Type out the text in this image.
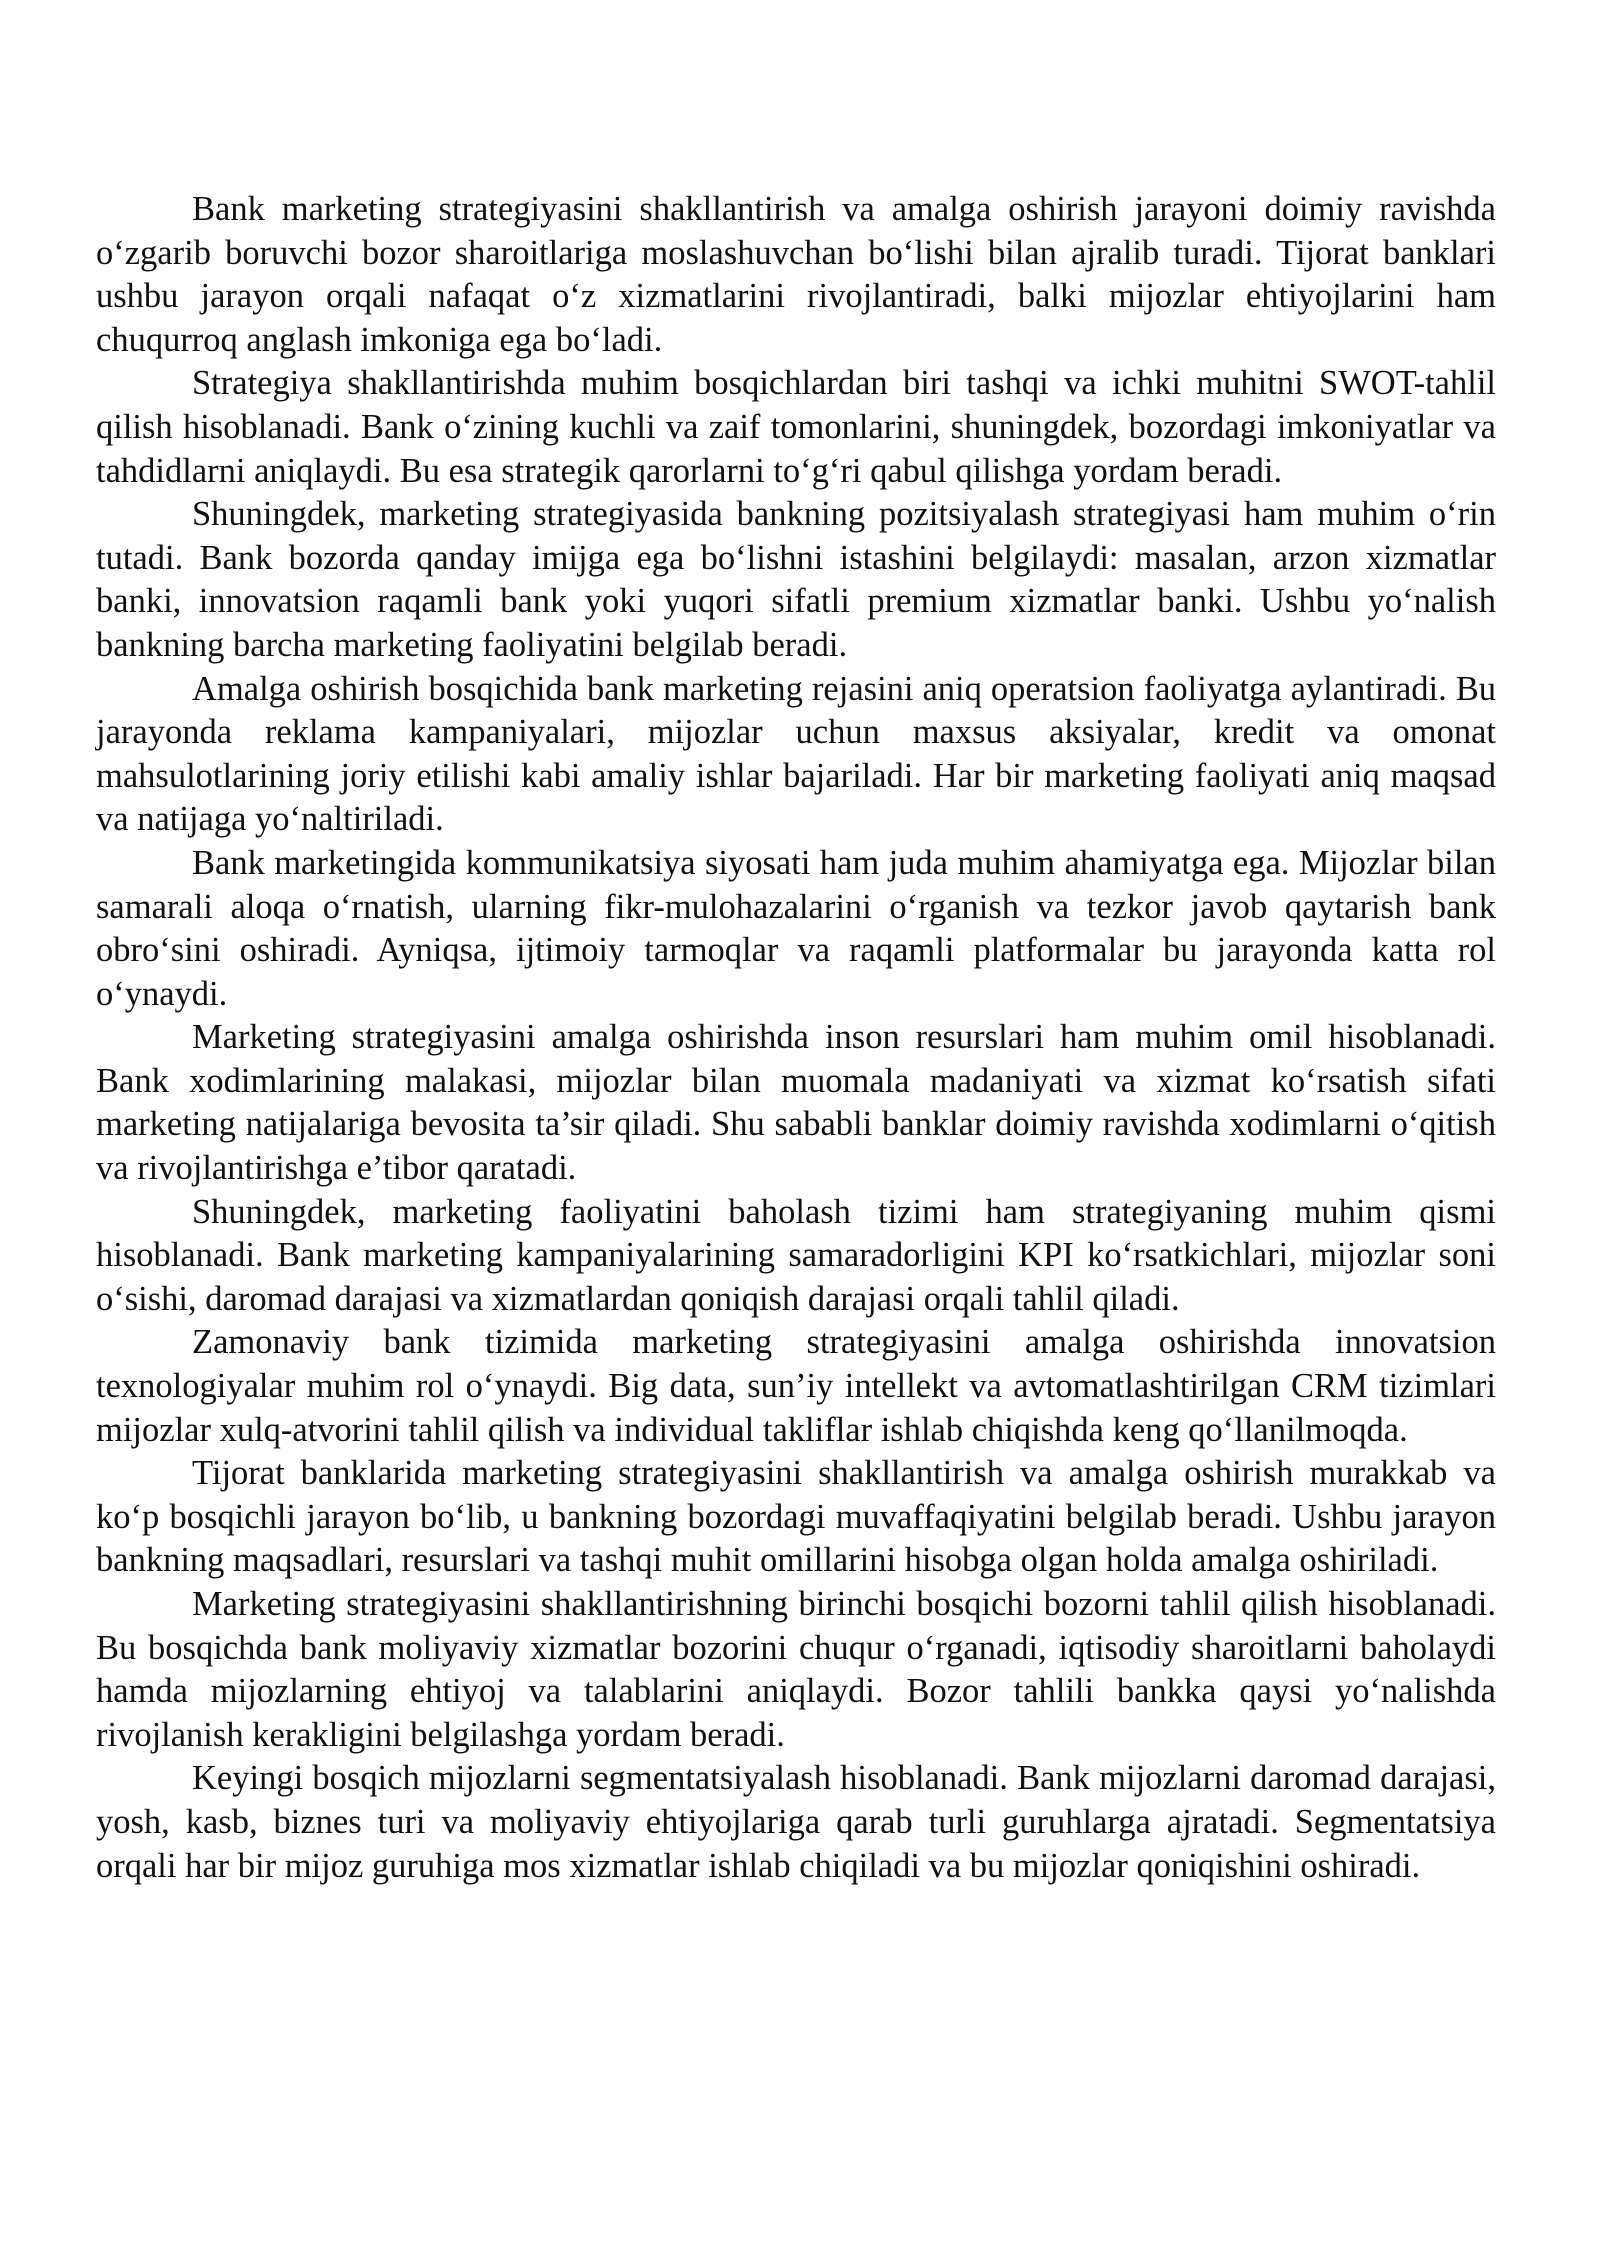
Bank marketing strategiyasini shakllantirish va amalga oshirish jarayoni doimiy ravishda o‘zgarib boruvchi bozor sharoitlariga moslashuvchan bo‘lishi bilan ajralib turadi. Tijorat banklari ushbu jarayon orqali nafaqat o‘z xizmatlarini rivojlantiradi, balki mijozlar ehtiyojlarini ham chuqurroq anglash imkoniga ega bo‘ladi.

Strategiya shakllantirishda muhim bosqichlardan biri tashqi va ichki muhitni SWOT-tahlil qilish hisoblanadi. Bank o‘zining kuchli va zaif tomonlarini, shuningdek, bozordagi imkoniyatlar va tahdidlarni aniqlaydi. Bu esa strategik qarorlarni to‘g‘ri qabul qilishga yordam beradi.

Shuningdek, marketing strategiyasida bankning pozitsiyalash strategiyasi ham muhim o‘rin tutadi. Bank bozorda qanday imijga ega bo‘lishni istashini belgilaydi: masalan, arzon xizmatlar banki, innovatsion raqamli bank yoki yuqori sifatli premium xizmatlar banki. Ushbu yo‘nalish bankning barcha marketing faoliyatini belgilab beradi.

Amalga oshirish bosqichida bank marketing rejasini aniq operatsion faoliyatga aylantiradi. Bu jarayonda reklama kampaniyalari, mijozlar uchun maxsus aksiyalar, kredit va omonat mahsulotlarining joriy etilishi kabi amaliy ishlar bajariladi. Har bir marketing faoliyati aniq maqsad va natijaga yo‘naltiriladi.

Bank marketingida kommunikatsiya siyosati ham juda muhim ahamiyatga ega. Mijozlar bilan samarali aloqa o‘rnatish, ularning fikr-mulohazalarini o‘rganish va tezkor javob qaytarish bank obro‘sini oshiradi. Ayniqsa, ijtimoiy tarmoqlar va raqamli platformalar bu jarayonda katta rol o‘ynaydi.

Marketing strategiyasini amalga oshirishda inson resurslari ham muhim omil hisoblanadi. Bank xodimlarining malakasi, mijozlar bilan muomala madaniyati va xizmat ko‘rsatish sifati marketing natijalariga bevosita ta’sir qiladi. Shu sababli banklar doimiy ravishda xodimlarni o‘qitish va rivojlantirishga e’tibor qaratadi.

Shuningdek, marketing faoliyatini baholash tizimi ham strategiyaning muhim qismi hisoblanadi. Bank marketing kampaniyalarining samaradorligini KPI ko‘rsatkichlari, mijozlar soni o‘sishi, daromad darajasi va xizmatlardan qoniqish darajasi orqali tahlil qiladi.

Zamonaviy bank tizimida marketing strategiyasini amalga oshirishda innovatsion texnologiyalar muhim rol o‘ynaydi. Big data, sun’iy intellekt va avtomatlashtirilgan CRM tizimlari mijozlar xulq-atvorini tahlil qilish va individual takliflar ishlab chiqishda keng qo‘llanilmoqda.

Tijorat banklarida marketing strategiyasini shakllantirish va amalga oshirish murakkab va ko‘p bosqichli jarayon bo‘lib, u bankning bozordagi muvaffaqiyatini belgilab beradi. Ushbu jarayon bankning maqsadlari, resurslari va tashqi muhit omillarini hisobga olgan holda amalga oshiriladi.

Marketing strategiyasini shakllantirishning birinchi bosqichi bozorni tahlil qilish hisoblanadi. Bu bosqichda bank moliyaviy xizmatlar bozorini chuqur o‘rganadi, iqtisodiy sharoitlarni baholaydi hamda mijozlarning ehtiyoj va talablarini aniqlaydi. Bozor tahlili bankka qaysi yo‘nalishda rivojlanish kerakligini belgilashga yordam beradi.

Keyingi bosqich mijozlarni segmentatsiyalash hisoblanadi. Bank mijozlarni daromad darajasi, yosh, kasb, biznes turi va moliyaviy ehtiyojlariga qarab turli guruhlarga ajratadi. Segmentatsiya orqali har bir mijoz guruhiga mos xizmatlar ishlab chiqiladi va bu mijozlar qoniqishini oshiradi.
